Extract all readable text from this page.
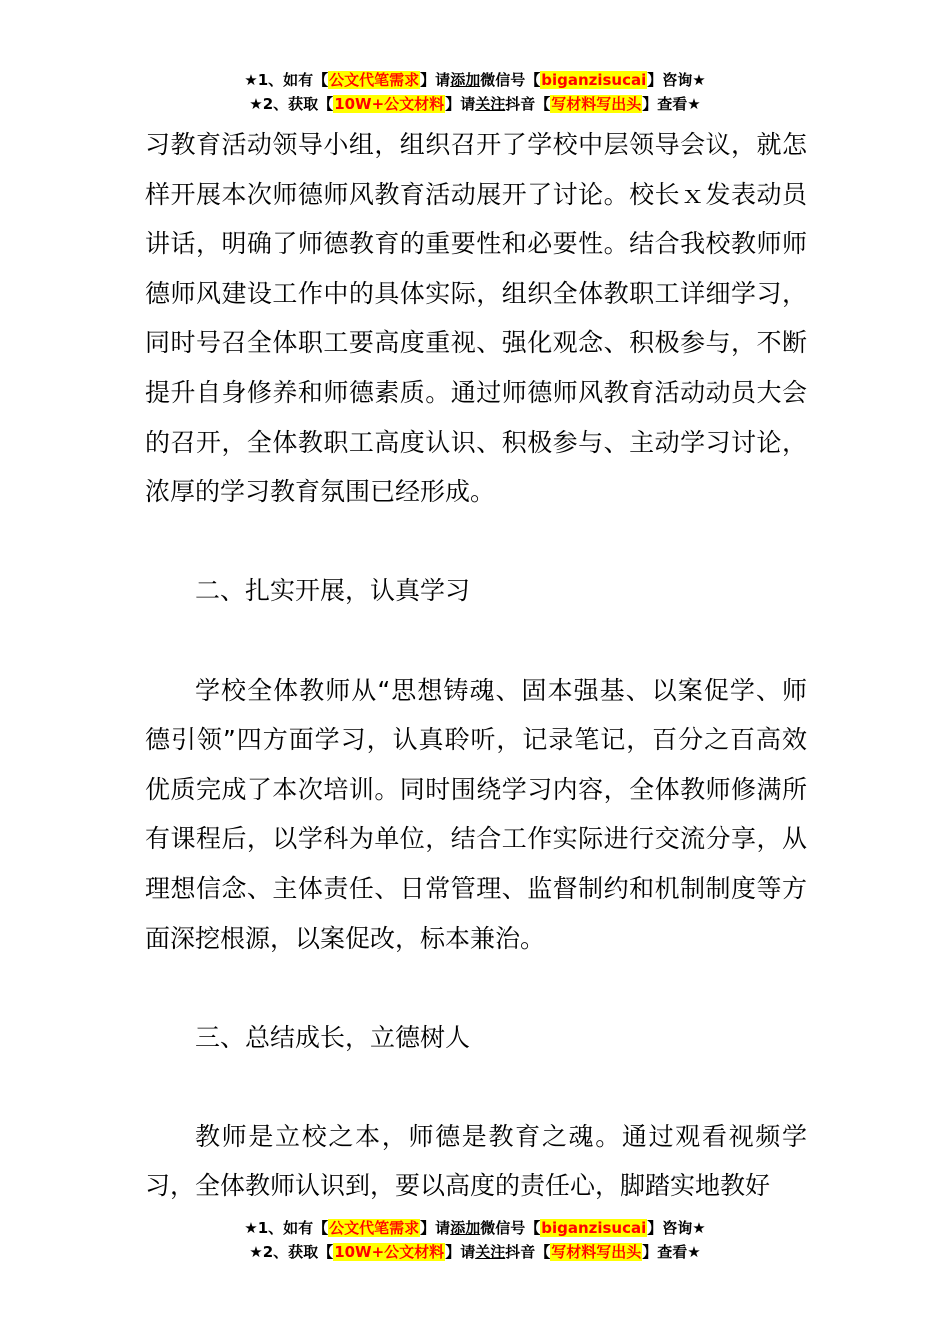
★1、如有【公文代笔需求】请添加微信号【biganzisucai】咨询★
★2、获取【10W+公文材料】请关注抖音【写材料写出头】查看★

习教育活动领导小组，组织召开了学校中层领导会议，就怎样开展本次师德师风教育活动展开了讨论。校长ｘ发表动员讲话，明确了师德教育的重要性和必要性。结合我校教师师德师风建设工作中的具体实际，组织全体教职工详细学习，同时号召全体职工要高度重视、强化观念、积极参与，不断提升自身修养和师德素质。通过师德师风教育活动动员大会的召开，全体教职工高度认识、积极参与、主动学习讨论，浓厚的学习教育氛围已经形成。

二、扎实开展，认真学习

学校全体教师从“思想铸魂、固本强基、以案促学、师德引领”四方面学习，认真聆听，记录笔记，百分之百高效优质完成了本次培训。同时围绕学习内容，全体教师修满所有课程后，以学科为单位，结合工作实际进行交流分享，从理想信念、主体责任、日常管理、监督制约和机制制度等方面深挖根源，以案促改，标本兼治。

三、总结成长，立德树人

教师是立校之本，师德是教育之魂。通过观看视频学习，全体教师认识到，要以高度的责任心，脚踏实地教好

★1、如有【公文代笔需求】请添加微信号【biganzisucai】咨询★
★2、获取【10W+公文材料】请关注抖音【写材料写出头】查看★
